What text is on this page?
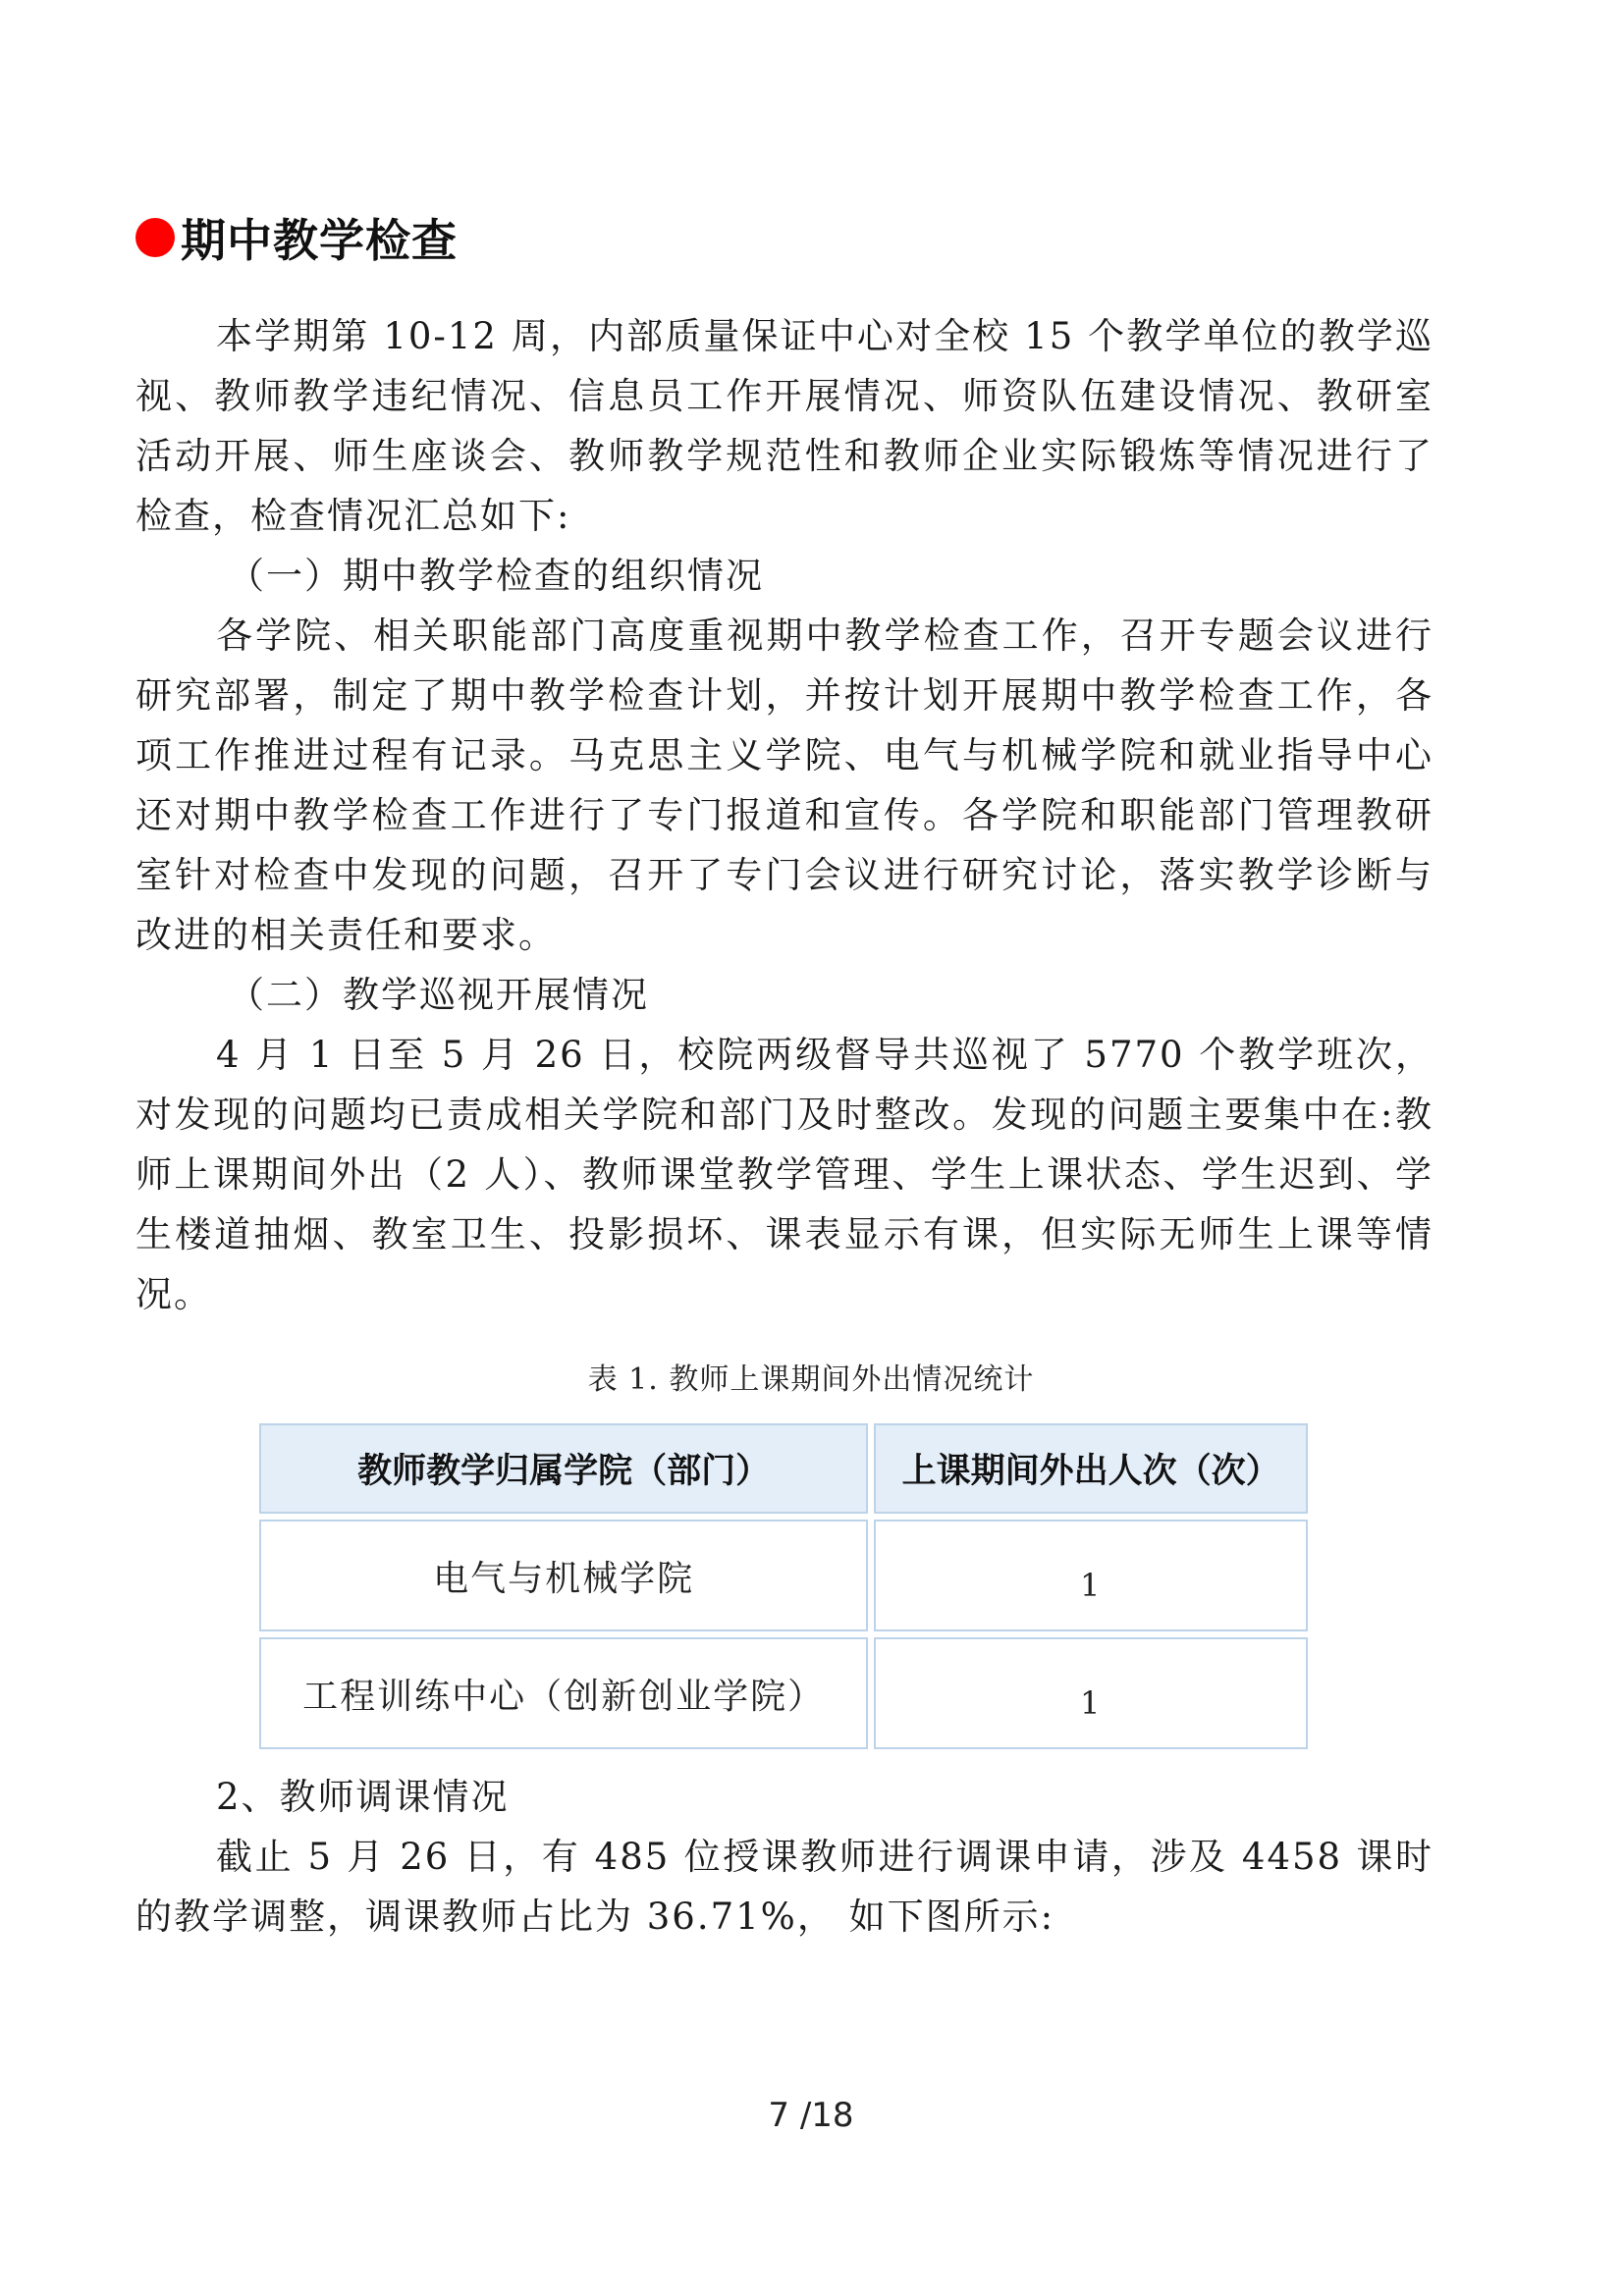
期中教学检查

本学期第 10-12 周，内部质量保证中心对全校 15 个教学单位的教学巡视、教师教学违纪情况、信息员工作开展情况、师资队伍建设情况、教研室活动开展、师生座谈会、教师教学规范性和教师企业实际锻炼等情况进行了检查，检查情况汇总如下:

（一）期中教学检查的组织情况

各学院、相关职能部门高度重视期中教学检查工作，召开专题会议进行研究部署，制定了期中教学检查计划，并按计划开展期中教学检查工作，各项工作推进过程有记录。马克思主义学院、电气与机械学院和就业指导中心还对期中教学检查工作进行了专门报道和宣传。各学院和职能部门管理教研室针对检查中发现的问题，召开了专门会议进行研究讨论，落实教学诊断与改进的相关责任和要求。

（二）教学巡视开展情况

4 月 1 日至 5 月 26 日，校院两级督导共巡视了 5770 个教学班次，对发现的问题均已责成相关学院和部门及时整改。发现的问题主要集中在:教师上课期间外出（2 人）、教师课堂教学管理、学生上课状态、学生迟到、学生楼道抽烟、教室卫生、投影损坏、课表显示有课，但实际无师生上课等情况。

表 1. 教师上课期间外出情况统计
教师教学归属学院（部门）	上课期间外出人次（次）
电气与机械学院	1
工程训练中心（创新创业学院）	1

2、教师调课情况

截止 5 月 26 日，有 485 位授课教师进行调课申请，涉及 4458 课时的教学调整，调课教师占比为 36.71%， 如下图所示:

7 /18
